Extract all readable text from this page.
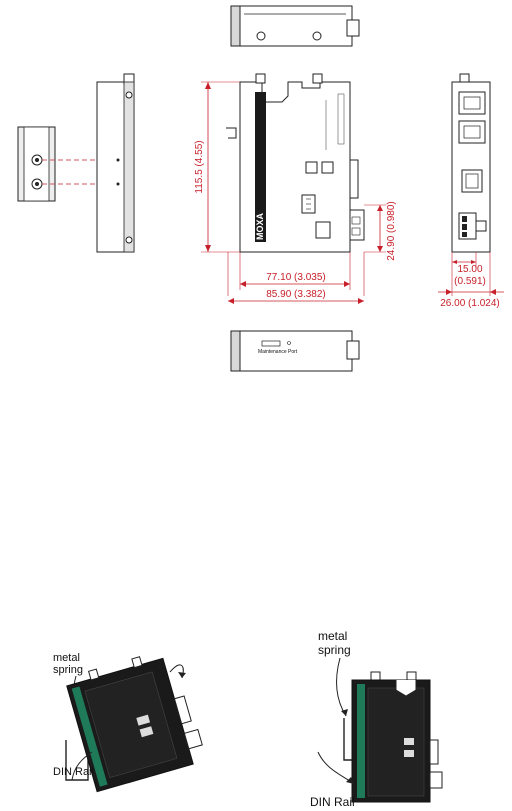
115.5 (4.55)
MOXA	24.90 (0.980)
77.10 (3.035)
85.90 (3.382)
15.00
(0.591)
26.00 (1.024)
Maintenance Port
metal
spring
DIN Rail
metal
spring
DIN Rail
